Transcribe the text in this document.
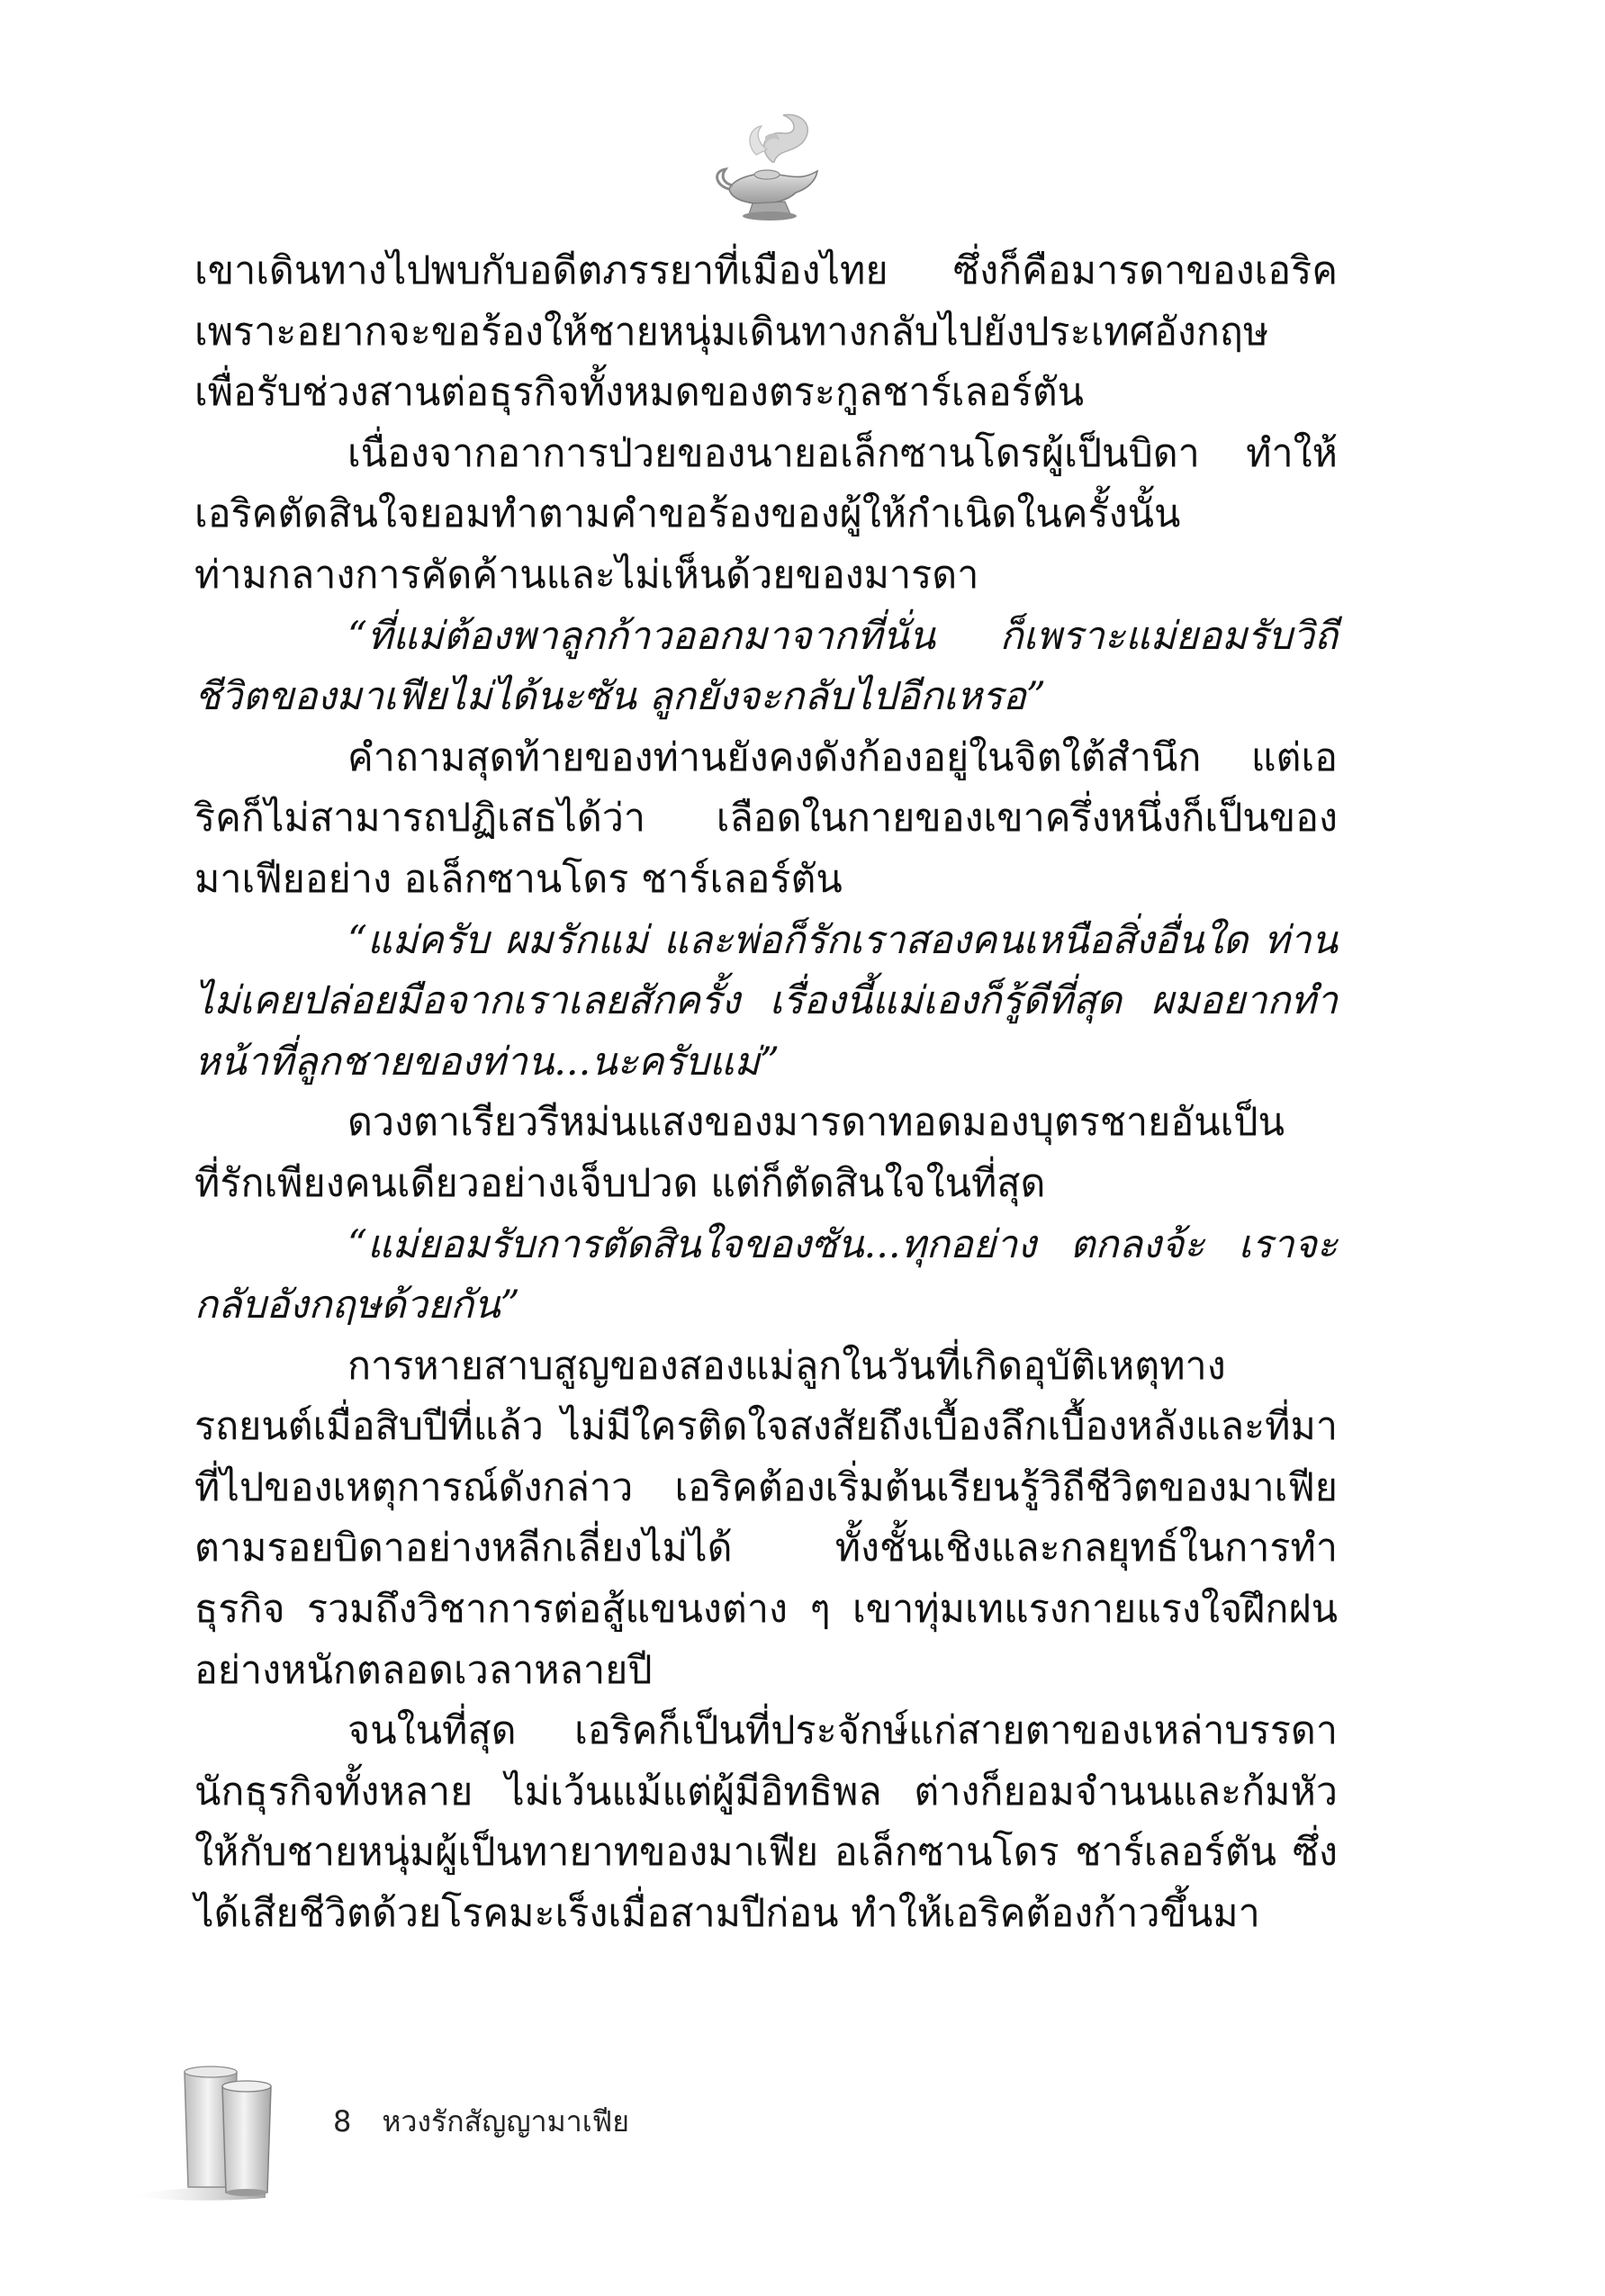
เขาเดินทางไปพบกับอดีตภรรยาที่เมืองไทย ซึ่งก็คือมารดาของเอริค เพราะอยากจะขอร้องให้ชายหนุ่มเดินทางกลับไปยังประเทศอังกฤษ เพื่อรับช่วงสานต่อธุรกิจทั้งหมดของตระกูลชาร์เลอร์ตัน

เนื่องจากอาการป่วยของนายอเล็กซานโดรผู้เป็นบิดา ทำให้เอริคตัดสินใจยอมทำตามคำขอร้องของผู้ให้กำเนิดในครั้งนั้น ท่ามกลางการคัดค้านและไม่เห็นด้วยของมารดา

“ที่แม่ต้องพาลูกก้าวออกมาจากที่นั่น ก็เพราะแม่ยอมรับวิถีชีวิตของมาเฟียไม่ได้นะซัน ลูกยังจะกลับไปอีกเหรอ”

คำถามสุดท้ายของท่านยังคงดังก้องอยู่ในจิตใต้สำนึก แต่เอริคก็ไม่สามารถปฏิเสธได้ว่า เลือดในกายของเขาครึ่งหนึ่งก็เป็นของมาเฟียอย่าง อเล็กซานโดร ชาร์เลอร์ตัน

“แม่ครับ ผมรักแม่ และพ่อก็รักเราสองคนเหนือสิ่งอื่นใด ท่านไม่เคยปล่อยมือจากเราเลยสักครั้ง เรื่องนี้แม่เองก็รู้ดีที่สุด ผมอยากทำหน้าที่ลูกชายของท่าน...นะครับแม่”

ดวงตาเรียวรีหม่นแสงของมารดาทอดมองบุตรชายอันเป็นที่รักเพียงคนเดียวอย่างเจ็บปวด แต่ก็ตัดสินใจในที่สุด

“แม่ยอมรับการตัดสินใจของซัน...ทุกอย่าง ตกลงจ้ะ เราจะกลับอังกฤษด้วยกัน”

การหายสาบสูญของสองแม่ลูกในวันที่เกิดอุบัติเหตุทางรถยนต์เมื่อสิบปีที่แล้ว ไม่มีใครติดใจสงสัยถึงเบื้องลึกเบื้องหลังและที่มาที่ไปของเหตุการณ์ดังกล่าว เอริคต้องเริ่มต้นเรียนรู้วิถีชีวิตของมาเฟียตามรอยบิดาอย่างหลีกเลี่ยงไม่ได้ ทั้งชั้นเชิงและกลยุทธ์ในการทำธุรกิจ รวมถึงวิชาการต่อสู้แขนงต่าง ๆ เขาทุ่มเทแรงกายแรงใจฝึกฝนอย่างหนักตลอดเวลาหลายปี

จนในที่สุด เอริคก็เป็นที่ประจักษ์แก่สายตาของเหล่าบรรดานักธุรกิจทั้งหลาย ไม่เว้นแม้แต่ผู้มีอิทธิพล ต่างก็ยอมจำนนและก้มหัวให้กับชายหนุ่มผู้เป็นทายาทของมาเฟีย อเล็กซานโดร ชาร์เลอร์ตัน ซึ่งได้เสียชีวิตด้วยโรคมะเร็งเมื่อสามปีก่อน ทำให้เอริคต้องก้าวขึ้นมา

8 หวงรักสัญญามาเฟีย
